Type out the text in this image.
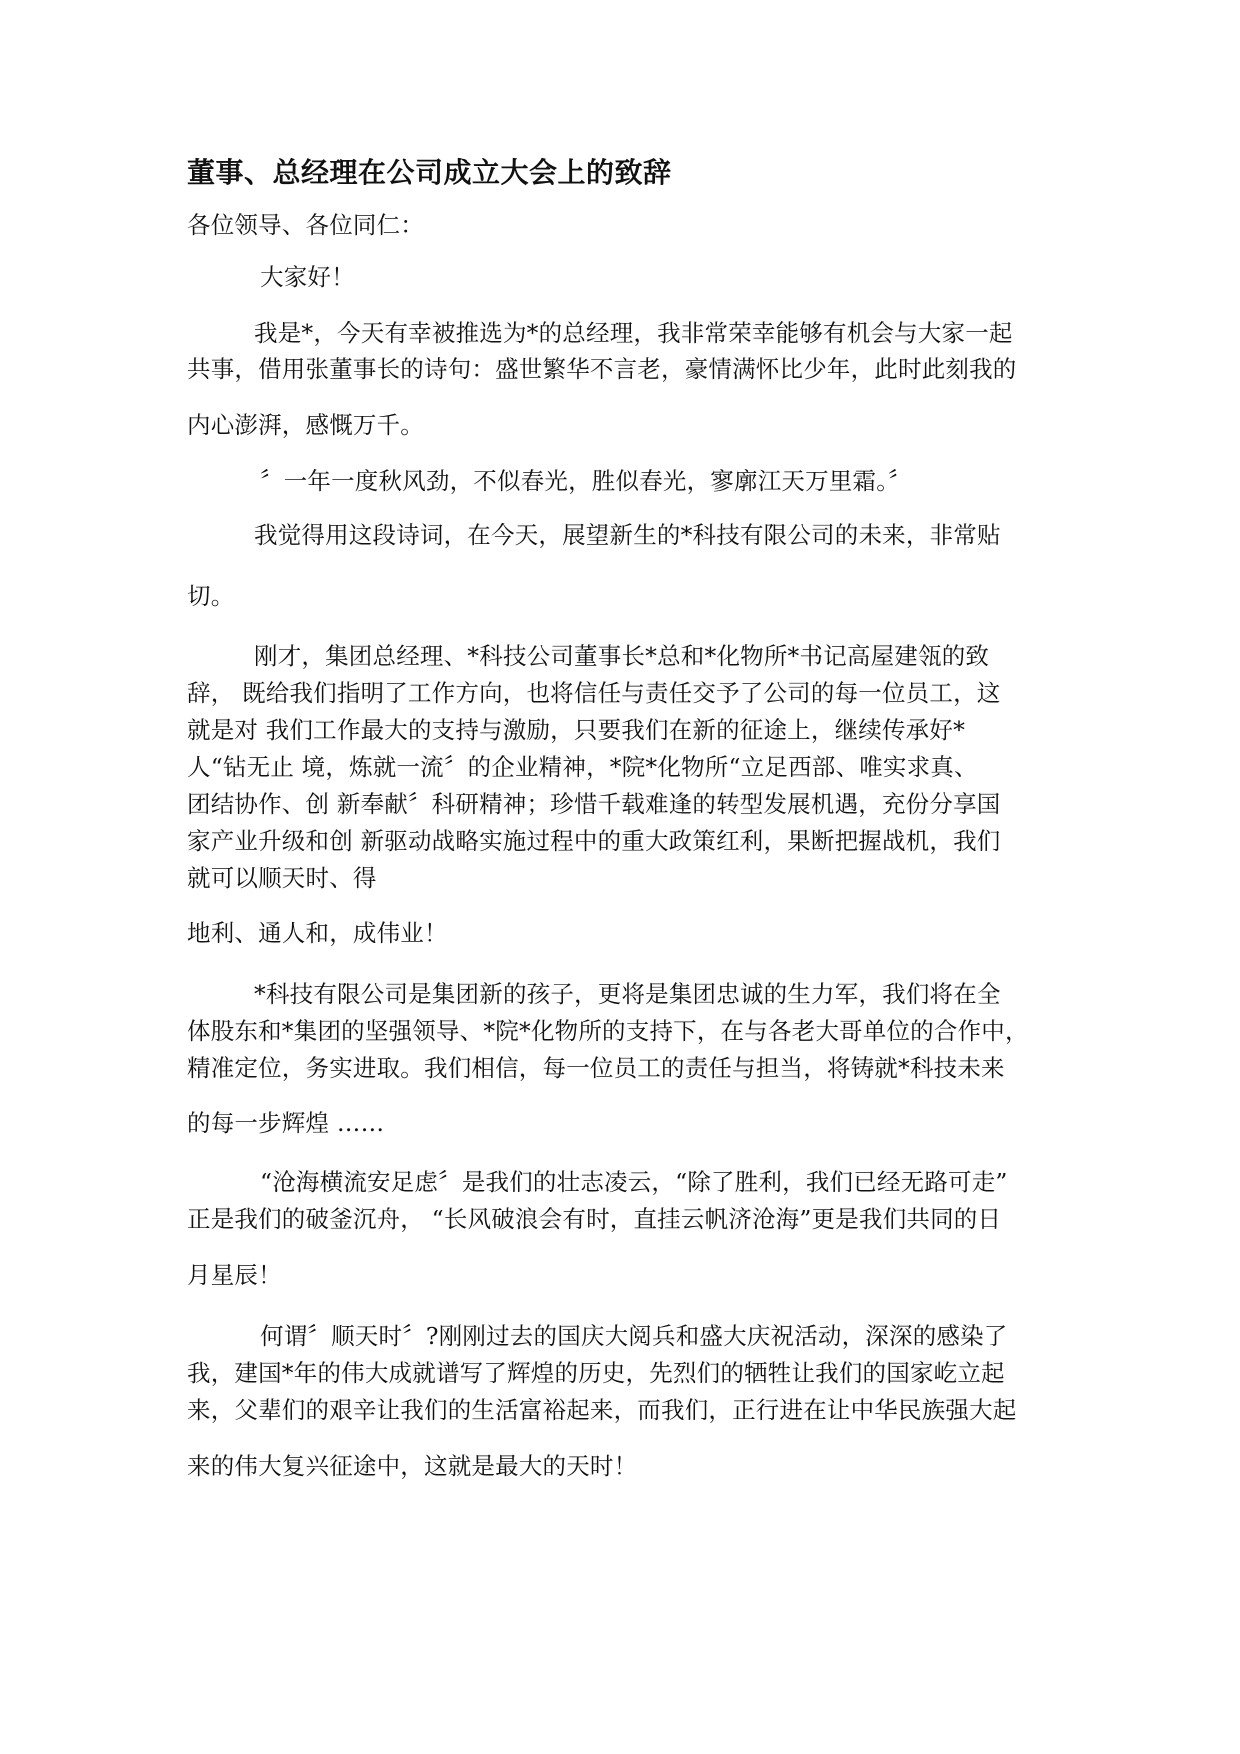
董事、总经理在公司成立大会上的致辞
各位领导、各位同仁：
大家好！
我是*，今天有幸被推选为*的总经理，我非常荣幸能够有机会与大家一起
共事，借用张董事长的诗句：盛世繁华不言老，豪情满怀比少年，此时此刻我的
内心澎湃，感慨万千。
〞一年一度秋风劲，不似春光，胜似春光，寥廓江天万里霜。〞
我觉得用这段诗词，在今天，展望新生的*科技有限公司的未来，非常贴
切。
刚才，集团总经理、*科技公司董事长*总和*化物所*书记高屋建瓴的致
辞， 既给我们指明了工作方向，也将信任与责任交予了公司的每一位员工，这
就是对 我们工作最大的支持与激励，只要我们在新的征途上，继续传承好*
人“钻无止 境，炼就一流〞的企业精神，*院*化物所“立足西部、唯实求真、
团结协作、创 新奉献〞科研精神；珍惜千载难逢的转型发展机遇，充份分享国
家产业升级和创 新驱动战略实施过程中的重大政策红利，果断把握战机，我们
就可以顺天时、得
地利、通人和，成伟业！
*科技有限公司是集团新的孩子，更将是集团忠诚的生力军，我们将在全
体股东和*集团的坚强领导、*院*化物所的支持下，在与各老大哥单位的合作中，
精准定位，务实进取。我们相信，每一位员工的责任与担当，将铸就*科技未来
的每一步辉煌 ……
“沧海横流安足虑〞是我们的壮志凌云，“除了胜利，我们已经无路可走”
正是我们的破釜沉舟， “长风破浪会有时，直挂云帆济沧海”更是我们共同的日
月星辰！
何谓〞顺天时〞?刚刚过去的国庆大阅兵和盛大庆祝活动，深深的感染了
我，建国*年的伟大成就谱写了辉煌的历史，先烈们的牺牲让我们的国家屹立起
来，父辈们的艰辛让我们的生活富裕起来，而我们，正行进在让中华民族强大起
来的伟大复兴征途中，这就是最大的天时！
